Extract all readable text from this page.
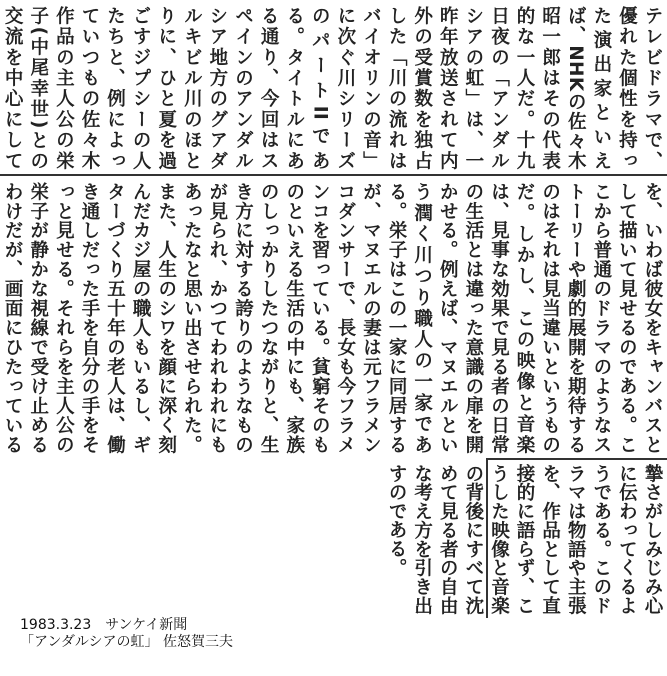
テレビドラマで、優れた個性を持った演出家といえば、NHKの佐々木昭一郎はその代表的な一人だ。十九日夜の「アンダルシアの虹」は、一昨年放送されて内外の受賞数を独占した「川の流れはバイオリンの音」に次ぐ川シリーズのパートIIである。タイトルにある通り、今回はスペインのアンダルシア地方のグアダルキビル川のほとりに、ひと夏を過ごすジプシーの人たちと、例によっていつもの佐々木作品の主人公の栄子(中尾幸世)との交流を中心にして
を、いわば彼女をキャンバスとして描いて見せるのである。ここから普通のドラマのようなストーリーや劇的展開を期待するのはそれは見当違いというものだ。しかし、この映像と音楽は、見事な効果で見る者の日常の生活とは違った意識の扉を開かせる。例えば、マヌエルという潤く川つり職人の一家である。栄子はこの一家に同居するが、マヌエルの妻は元フラメンコダンサーで、長女も今フラメンコを習っている。貧窮そのものといえる生活の中にも、家族のしっかりしたつながりと、生き方に対する誇りのようなものが見られ、かつてわれわれにもあったなと思い出させられた。また、人生のシワを顔に深く刻んだカジ屋の職人もいるし、ギターづくり五十年の老人は、働き通しだった手を自分の手をそっと見せる。それらを主人公の栄子が静かな視線で受け止めるわけだが、画面にひたっている
摯さがしみじみ心に伝わってくるようである。このドラマは物語や主張を、作品として直接的に語らず、こうした映像と音楽の背後にすべて沈めて見る者の自由な考え方を引き出すのである。
1983.3.23　サンケイ新聞
「アンダルシアの虹」 佐怒賀三夫
